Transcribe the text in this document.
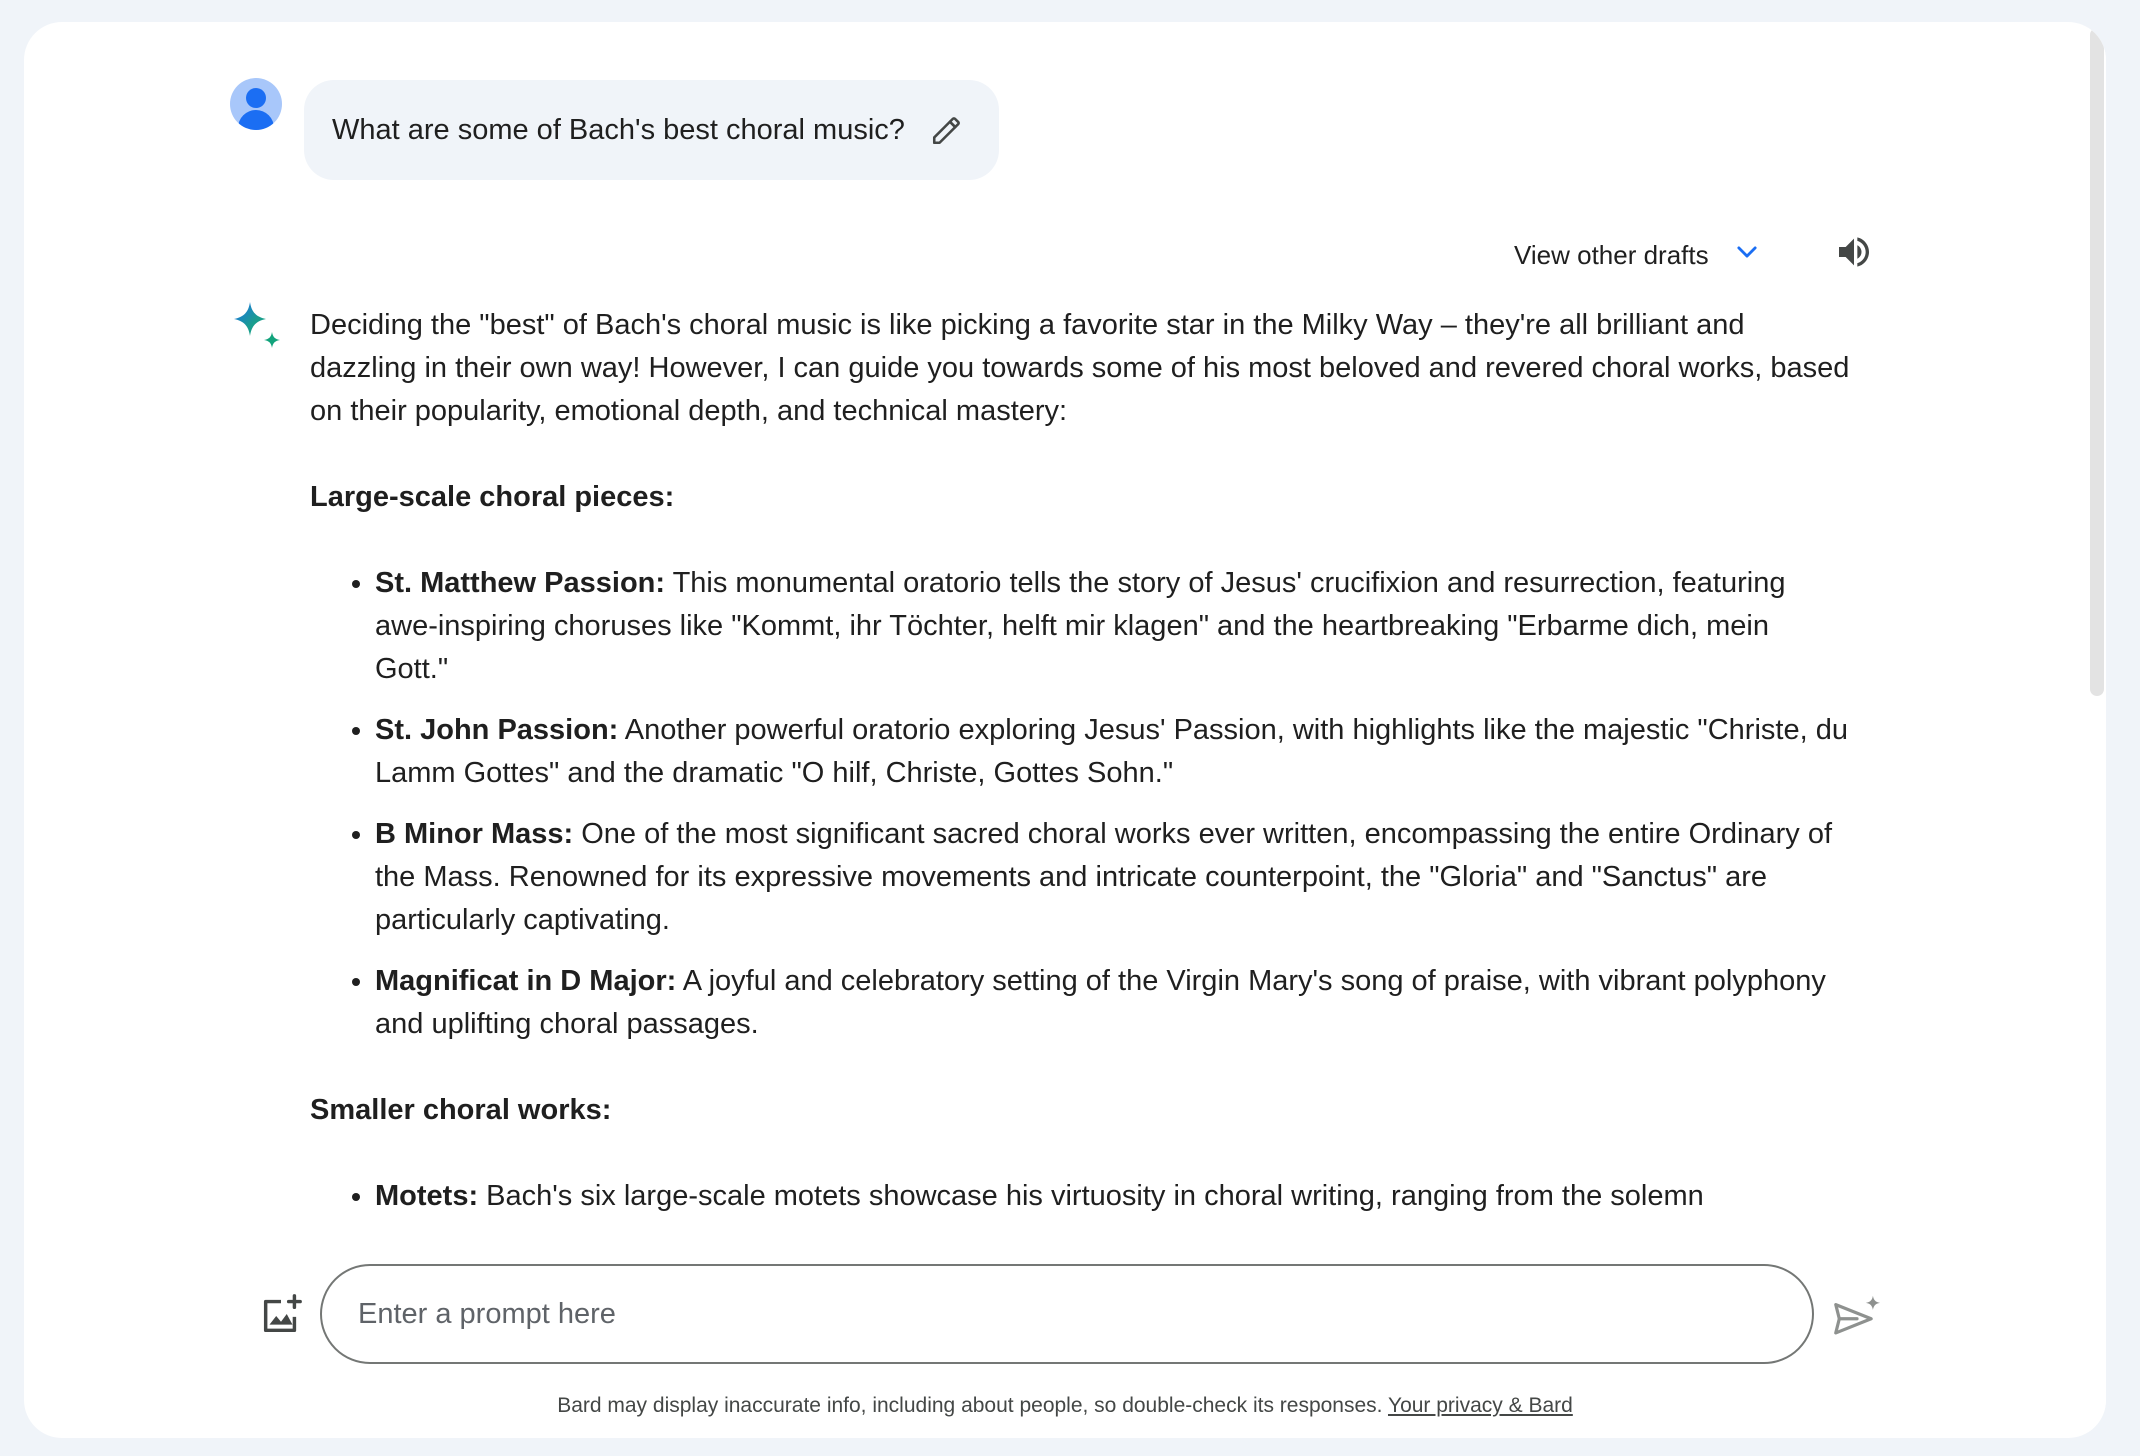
What are some of Bach's best choral music?
View other drafts

Deciding the "best" of Bach's choral music is like picking a favorite star in the Milky Way – they're all brilliant and dazzling in their own way! However, I can guide you towards some of his most beloved and revered choral works, based on their popularity, emotional depth, and technical mastery:

Large-scale choral pieces:
• St. Matthew Passion: This monumental oratorio tells the story of Jesus' crucifixion and resurrection, featuring awe-inspiring choruses like "Kommt, ihr Töchter, helft mir klagen" and the heartbreaking "Erbarme dich, mein Gott."
• St. John Passion: Another powerful oratorio exploring Jesus' Passion, with highlights like the majestic "Christe, du Lamm Gottes" and the dramatic "O hilf, Christe, Gottes Sohn."
• B Minor Mass: One of the most significant sacred choral works ever written, encompassing the entire Ordinary of the Mass. Renowned for its expressive movements and intricate counterpoint, the "Gloria" and "Sanctus" are particularly captivating.
• Magnificat in D Major: A joyful and celebratory setting of the Virgin Mary's song of praise, with vibrant polyphony and uplifting choral passages.
Smaller choral works:
• Motets: Bach's six large-scale motets showcase his virtuosity in choral writing, ranging from the solemn
Enter a prompt here
Bard may display inaccurate info, including about people, so double-check its responses. Your privacy & Bard
